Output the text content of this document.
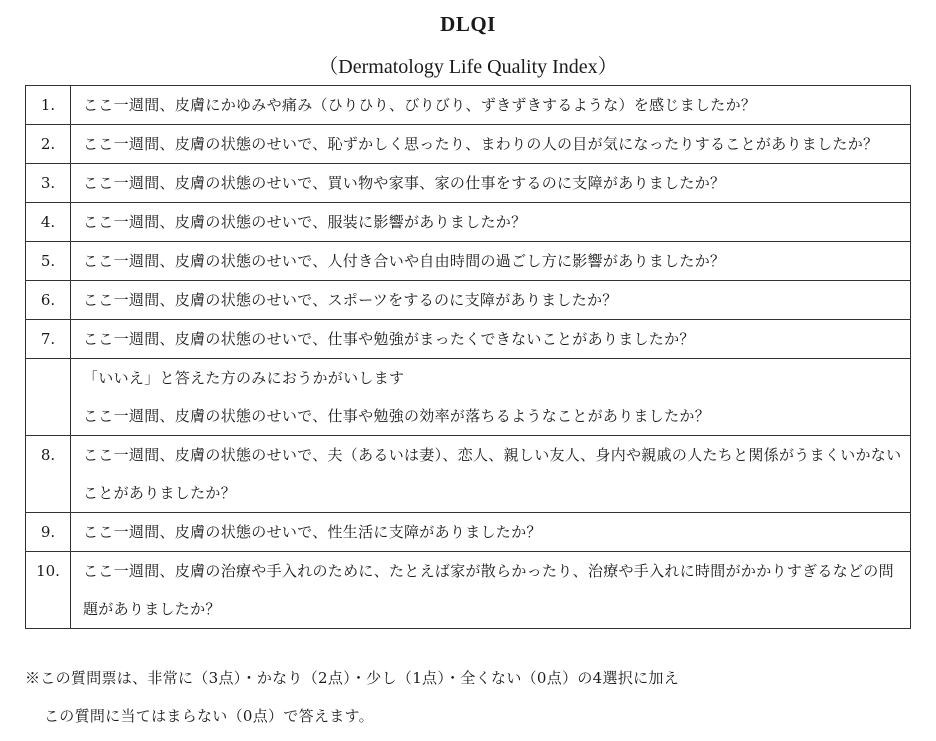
DLQI
（Dermatology Life Quality Index）
1.	ここ一週間、皮膚にかゆみや痛み（ひりひり、びりびり、ずきずきするような）を感じましたか？
2.	ここ一週間、皮膚の状態のせいで、恥ずかしく思ったり、まわりの人の目が気になったりすることがありましたか？
3.	ここ一週間、皮膚の状態のせいで、買い物や家事、家の仕事をするのに支障がありましたか？
4.	ここ一週間、皮膚の状態のせいで、服装に影響がありましたか？
5.	ここ一週間、皮膚の状態のせいで、人付き合いや自由時間の過ごし方に影響がありましたか？
6.	ここ一週間、皮膚の状態のせいで、スポーツをするのに支障がありましたか？
7.	ここ一週間、皮膚の状態のせいで、仕事や勉強がまったくできないことがありましたか？

	「いいえ」と答えた方のみにおうかがいします
ここ一週間、皮膚の状態のせいで、仕事や勉強の効率が落ちるようなことがありましたか？

8.	ここ一週間、皮膚の状態のせいで、夫（あるいは妻）、恋人、親しい友人、身内や親戚の人たちと関係がうまくいかないことがありましたか？
9.	ここ一週間、皮膚の状態のせいで、性生活に支障がありましたか？
10.	ここ一週間、皮膚の治療や手入れのために、たとえば家が散らかったり、治療や手入れに時間がかかりすぎるなどの問題がありましたか？
※この質問票は、非常に（3点）・かなり（2点）・少し（1点）・全くない（0点）の4選択に加え
この質問に当てはまらない（0点）で答えます。
